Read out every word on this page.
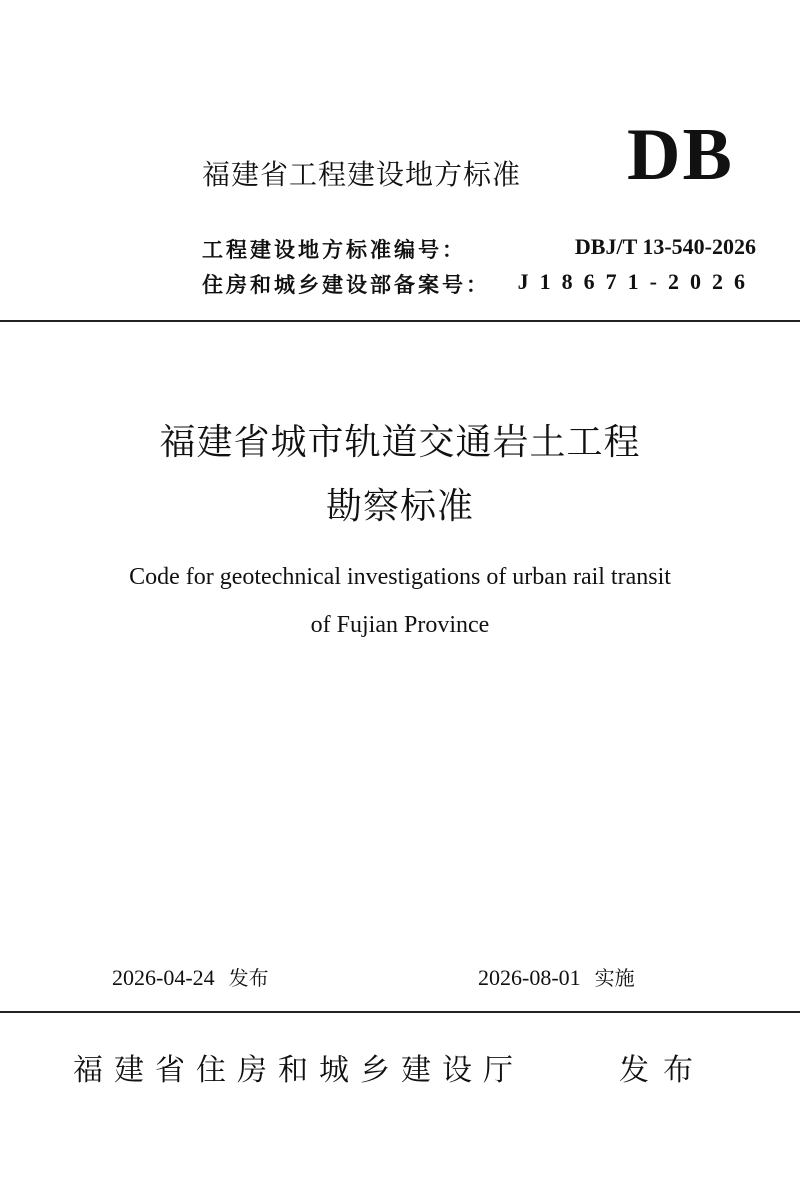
福建省工程建设地方标准 DB
工程建设地方标准编号：	DBJ/T 13-540-2026
住房和城乡建设部备案号： J18671-2026
福建省城市轨道交通岩土工程
勘察标准
Code for geotechnical investigations of urban rail transit
of Fujian Province
2026-04-24 发布	2026-08-01 实施
福建省住房和城乡建设厅	发布
